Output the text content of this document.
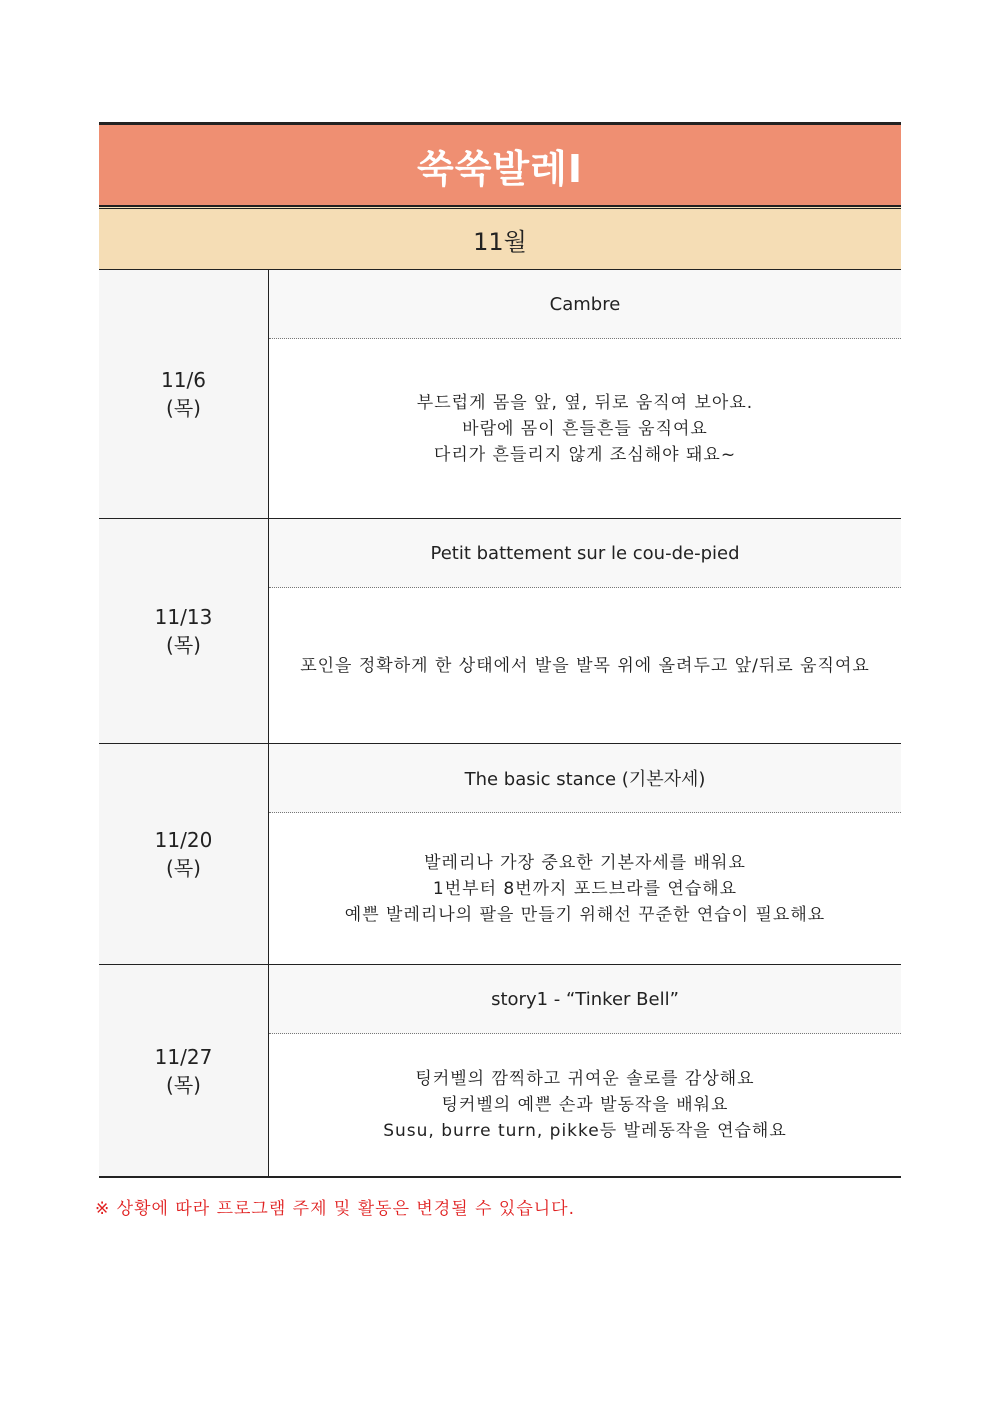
쑥쑥발레Ⅰ
11월
11/6
(목)
Cambre
부드럽게 몸을 앞, 옆, 뒤로 움직여 보아요.
바람에 몸이 흔들흔들 움직여요
다리가 흔들리지 않게 조심해야 돼요~
11/13
(목)
Petit battement sur le cou-de-pied
포인을 정확하게 한 상태에서 발을 발목 위에 올려두고 앞/뒤로 움직여요
11/20
(목)
The basic stance (기본자세)
발레리나 가장 중요한 기본자세를 배워요
1번부터 8번까지 포드브라를 연습해요
예쁜 발레리나의 팔을 만들기 위해선 꾸준한 연습이 필요해요
11/27
(목)
story1 - “Tinker Bell”
팅커벨의 깜찍하고 귀여운 솔로를 감상해요
팅커벨의 예쁜 손과 발동작을 배워요
Susu, burre turn, pikke등 발레동작을 연습해요
※ 상황에 따라 프로그램 주제 및 활동은 변경될 수 있습니다.
